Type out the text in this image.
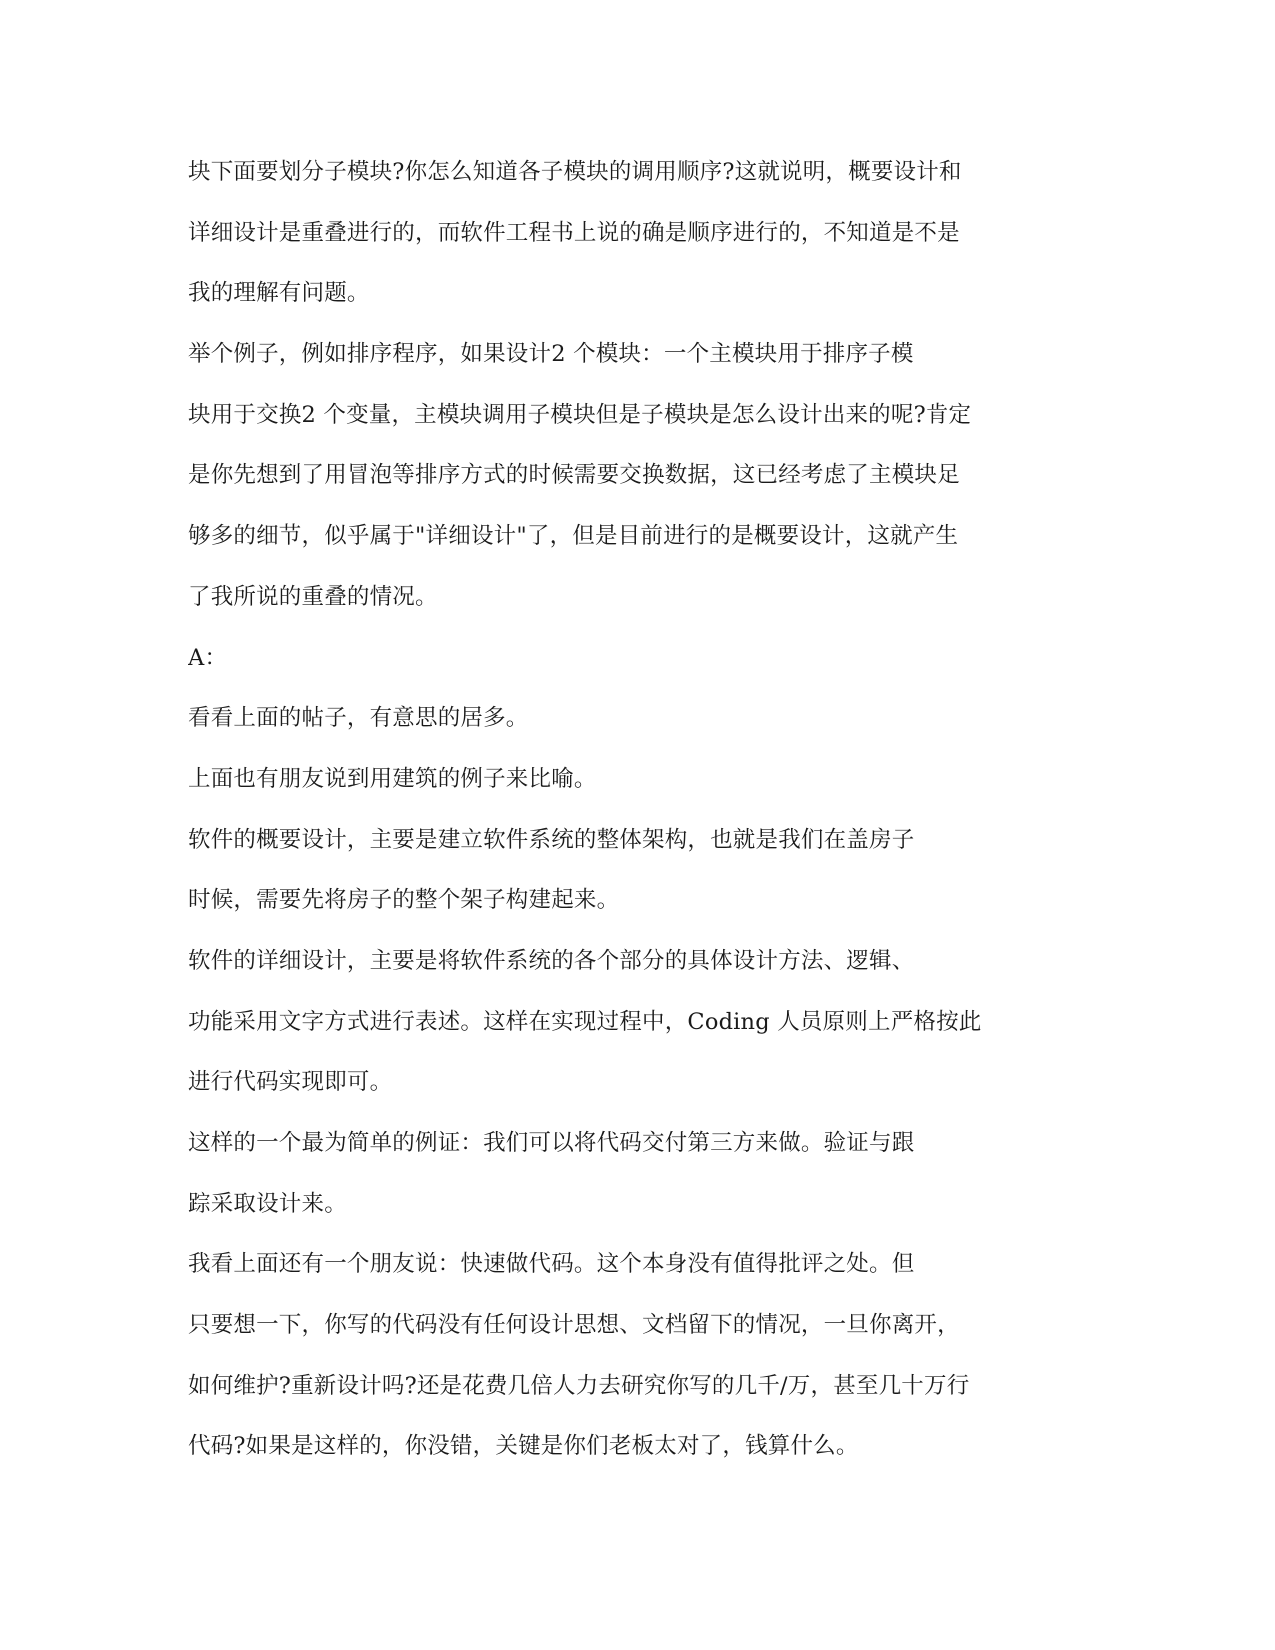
块下面要划分子模块?你怎么知道各子模块的调用顺序?这就说明，概要设计和
详细设计是重叠进行的，而软件工程书上说的确是顺序进行的，不知道是不是
我的理解有问题。
举个例子，例如排序程序，如果设计2 个模块：一个主模块用于排序子模
块用于交换2 个变量，主模块调用子模块但是子模块是怎么设计出来的呢?肯定
是你先想到了用冒泡等排序方式的时候需要交换数据，这已经考虑了主模块足
够多的细节，似乎属于"详细设计"了，但是目前进行的是概要设计，这就产生
了我所说的重叠的情况。
A：
看看上面的帖子，有意思的居多。
上面也有朋友说到用建筑的例子来比喻。
软件的概要设计，主要是建立软件系统的整体架构，也就是我们在盖房子
时候，需要先将房子的整个架子构建起来。
软件的详细设计，主要是将软件系统的各个部分的具体设计方法、逻辑、
功能采用文字方式进行表述。这样在实现过程中，Coding 人员原则上严格按此
进行代码实现即可。
这样的一个最为简单的例证：我们可以将代码交付第三方来做。验证与跟
踪采取设计来。
我看上面还有一个朋友说：快速做代码。这个本身没有值得批评之处。但
只要想一下，你写的代码没有任何设计思想、文档留下的情况，一旦你离开，
如何维护?重新设计吗?还是花费几倍人力去研究你写的几千/万，甚至几十万行
代码?如果是这样的，你没错，关键是你们老板太对了，钱算什么。
